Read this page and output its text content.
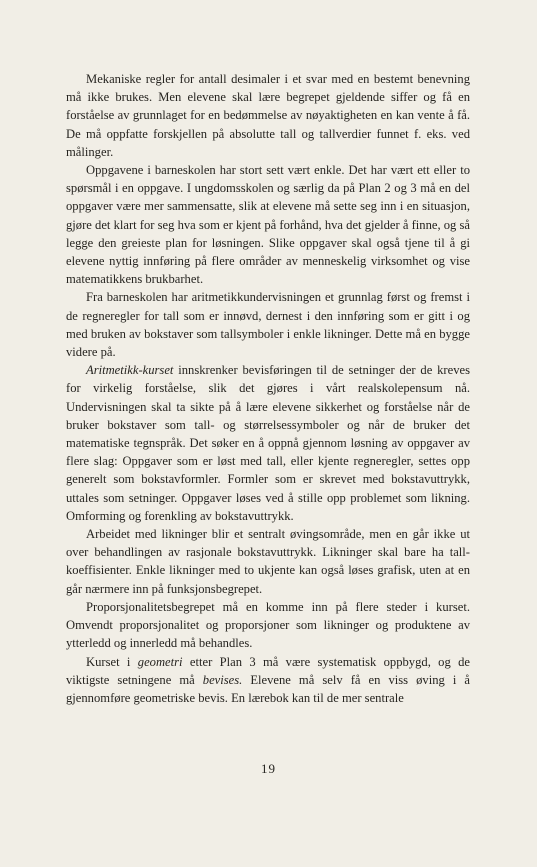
Mekaniske regler for antall desimaler i et svar med en bestemt benevning må ikke brukes. Men elevene skal lære begrepet gjeldende siffer og få en forståelse av grunnlaget for en bedømmelse av nøyaktigheten en kan vente å få. De må oppfatte forskjellen på absolutte tall og tallverdier funnet f. eks. ved målinger.

Oppgavene i barneskolen har stort sett vært enkle. Det har vært ett eller to spørsmål i en oppgave. I ungdomsskolen og særlig da på Plan 2 og 3 må en del oppgaver være mer sammensatte, slik at elevene må sette seg inn i en situasjon, gjøre det klart for seg hva som er kjent på forhånd, hva det gjelder å finne, og så legge den greieste plan for løsningen. Slike oppgaver skal også tjene til å gi elevene nyttig innføring på flere områder av menneskelig virksomhet og vise matematikkens brukbarhet.

Fra barneskolen har aritmetikkundervisningen et grunnlag først og fremst i de regneregler for tall som er innøvd, dernest i den innføring som er gitt i og med bruken av bokstaver som tallsymboler i enkle likninger. Dette må en bygge videre på.

Aritmetikk-kurset innskrenker bevisføringen til de setninger der de kreves for virkelig forståelse, slik det gjøres i vårt realskolepensum nå. Undervisningen skal ta sikte på å lære elevene sikkerhet og forståelse når de bruker bokstaver som tall- og størrelsessymboler og når de bruker det matematiske tegnspråk. Det søker en å oppnå gjennom løsning av oppgaver av flere slag: Oppgaver som er løst med tall, eller kjente regneregler, settes opp generelt som bokstavformler. Formler som er skrevet med bokstavuttrykk, uttales som setninger. Oppgaver løses ved å stille opp problemet som likning. Omforming og forenkling av bokstavuttrykk.

Arbeidet med likninger blir et sentralt øvingsområde, men en går ikke ut over behandlingen av rasjonale bokstavuttrykk. Likninger skal bare ha tall-koeffisienter. Enkle likninger med to ukjente kan også løses grafisk, uten at en går nærmere inn på funksjonsbegrepet.

Proporsjonalitetsbegrepet må en komme inn på flere steder i kurset. Omvendt proporsjonalitet og proporsjoner som likninger og produktene av ytterledd og innerledd må behandles.

Kurset i geometri etter Plan 3 må være systematisk oppbygd, og de viktigste setningene må bevises. Elevene må selv få en viss øving i å gjennomføre geometriske bevis. En lærebok kan til de mer sentrale

19
